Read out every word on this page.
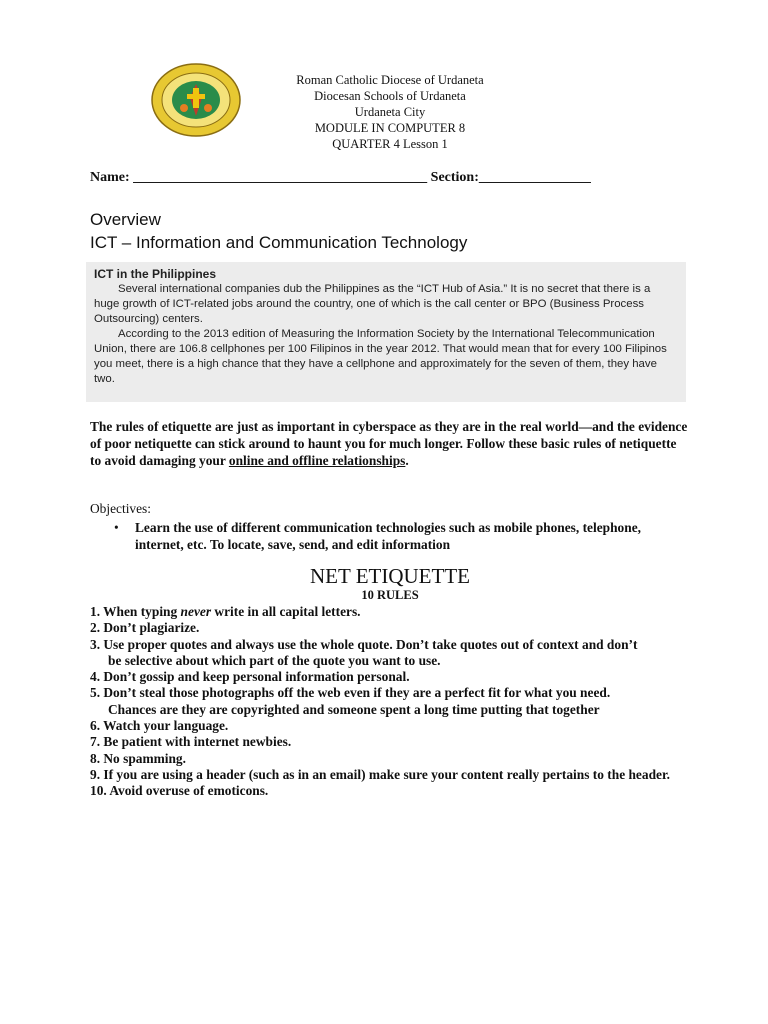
Roman Catholic Diocese of Urdaneta
Diocesan Schools of Urdaneta
Urdaneta City
MODULE IN COMPUTER 8
QUARTER 4 Lesson 1
Name: __________________________________________ Section:________________
Overview
ICT – Information and Communication Technology
ICT in the Philippines

Several international companies dub the Philippines as the “ICT Hub of Asia.” It is no secret that there is a huge growth of ICT-related jobs around the country, one of which is the call center or BPO (Business Process Outsourcing) centers.

According to the 2013 edition of Measuring the Information Society by the International Telecommunication Union, there are 106.8 cellphones per 100 Filipinos in the year 2012. That would mean that for every 100 Filipinos you meet, there is a high chance that they have a cellphone and approximately for the seven of them, they have two.

The rules of etiquette are just as important in cyberspace as they are in the real world—and the evidence of poor netiquette can stick around to haunt you for much longer. Follow these basic rules of netiquette to avoid damaging your online and offline relationships.
Objectives:
• Learn the use of different communication technologies such as mobile phones, telephone, internet, etc. To locate, save, send, and edit information
NET ETIQUETTE
10 RULES
1. When typing never write in all capital letters.
2. Don’t plagiarize.
3. Use proper quotes and always use the whole quote. Don’t take quotes out of context and don’t
be selective about which part of the quote you want to use.
4. Don’t gossip and keep personal information personal.
5. Don’t steal those photographs off the web even if they are a perfect fit for what you need.
Chances are they are copyrighted and someone spent a long time putting that together
6. Watch your language.
7. Be patient with internet newbies.
8. No spamming.
9. If you are using a header (such as in an email) make sure your content really pertains to the header.
10. Avoid overuse of emoticons.
